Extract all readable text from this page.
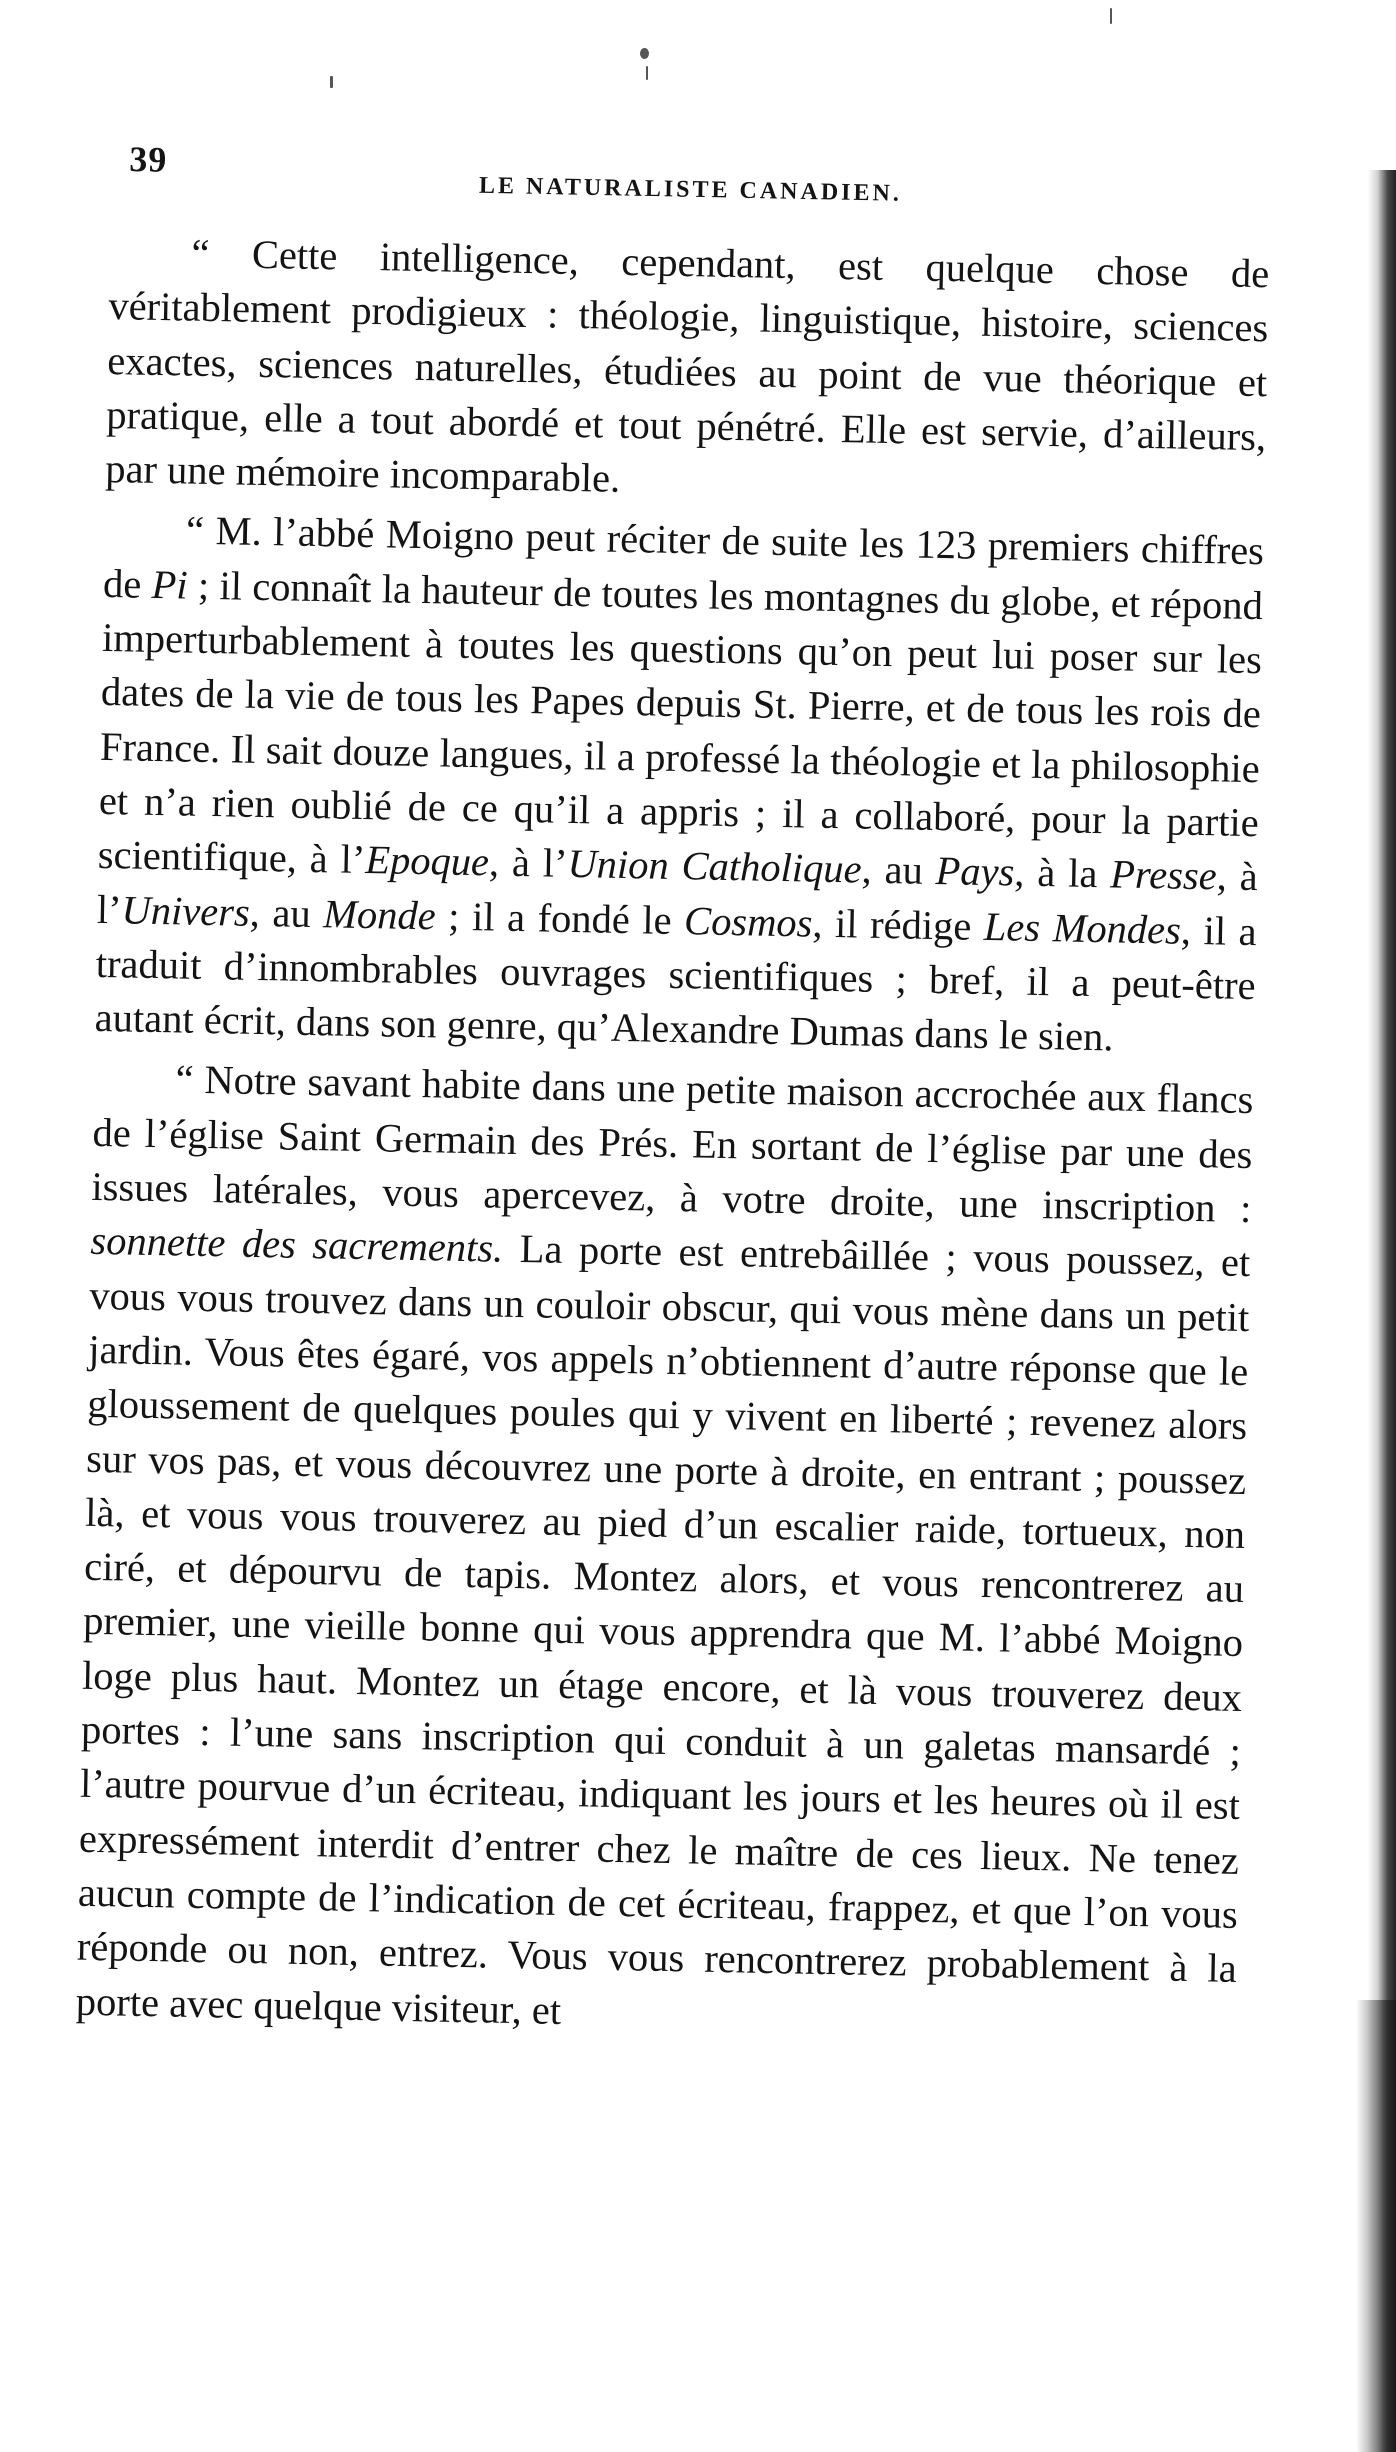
39
LE NATURALISTE CANADIEN.

“ Cette intelligence, cependant, est quelque chose de véritablement prodigieux : théologie, linguistique, histoire, sciences exactes, sciences naturelles, étudiées au point de vue théorique et pratique, elle a tout abordé et tout pénétré. Elle est servie, d’ailleurs, par une mémoire incomparable.

“ M. l’abbé Moigno peut réciter de suite les 123 premiers chiffres de Pi ; il connaît la hauteur de toutes les montagnes du globe, et répond imperturbablement à toutes les questions qu’on peut lui poser sur les dates de la vie de tous les Papes depuis St. Pierre, et de tous les rois de France. Il sait douze langues, il a professé la théologie et la philosophie et n’a rien oublié de ce qu’il a appris ; il a collaboré, pour la partie scientifique, à l’Epoque, à l’Union Catholique, au Pays, à la Presse, à l’Univers, au Monde ; il a fondé le Cosmos, il rédige Les Mondes, il a traduit d’innombrables ouvrages scientifiques ; bref, il a peut-être autant écrit, dans son genre, qu’Alexandre Dumas dans le sien.

“ Notre savant habite dans une petite maison accrochée aux flancs de l’église Saint Germain des Prés. En sortant de l’église par une des issues latérales, vous apercevez, à votre droite, une inscription : sonnette des sacrements. La porte est entrebâillée ; vous poussez, et vous vous trouvez dans un couloir obscur, qui vous mène dans un petit jardin. Vous êtes égaré, vos appels n’obtiennent d’autre réponse que le gloussement de quelques poules qui y vivent en liberté ; revenez alors sur vos pas, et vous découvrez une porte à droite, en entrant ; poussez là, et vous vous trouverez au pied d’un escalier raide, tortueux, non ciré, et dépourvu de tapis. Montez alors, et vous rencontrerez au premier, une vieille bonne qui vous apprendra que M. l’abbé Moigno loge plus haut. Montez un étage encore, et là vous trouverez deux portes : l’une sans inscription qui conduit à un galetas mansardé ; l’autre pourvue d’un écriteau, indiquant les jours et les heures où il est expressément interdit d’entrer chez le maître de ces lieux. Ne tenez aucun compte de l’indication de cet écriteau, frappez, et que l’on vous réponde ou non, entrez. Vous vous rencontrerez probablement à la porte avec quelque visiteur, et
